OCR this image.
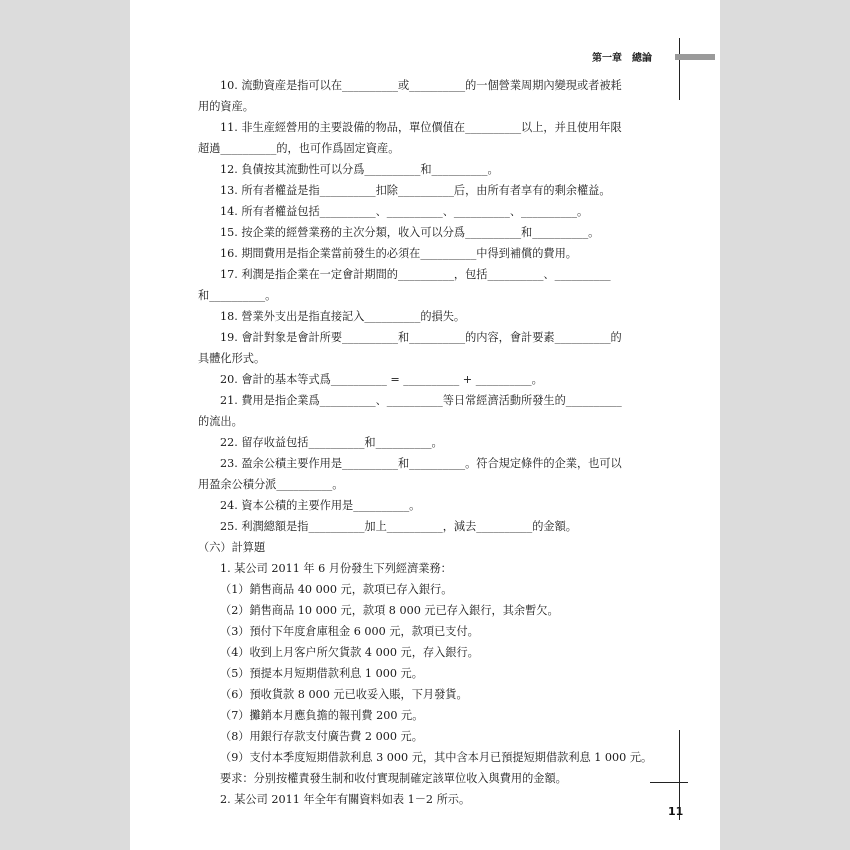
第一章　總論
11
10. 流動資産是指可以在__________或__________的一個營業周期內變現或者被耗
用的資産。
11. 非生産經營用的主要設備的物品，單位價值在__________以上，并且使用年限
超過__________的，也可作爲固定資産。
12. 負債按其流動性可以分爲__________和__________。
13. 所有者權益是指__________扣除__________后，由所有者享有的剩余權益。
14. 所有者權益包括__________、__________、__________、__________。
15. 按企業的經營業務的主次分類，收入可以分爲__________和__________。
16. 期間費用是指企業當前發生的必須在__________中得到補償的費用。
17. 利潤是指企業在一定會計期間的__________，包括__________、__________
和__________。
18. 營業外支出是指直接記入__________的損失。
19. 會計對象是會計所要__________和__________的内容，會計要素__________的
具體化形式。
20. 會計的基本等式爲__________ = __________ + __________。
21. 費用是指企業爲__________、__________等日常經濟活動所發生的__________
的流出。
22. 留存收益包括__________和__________。
23. 盈余公積主要作用是__________和__________。符合規定條件的企業，也可以
用盈余公積分派__________。
24. 資本公積的主要作用是__________。
25. 利潤總額是指__________加上__________，減去__________的金額。
（六）計算題
1. 某公司 2011 年 6 月份發生下列經濟業務：
（1）銷售商品 40 000 元，款項已存入銀行。
（2）銷售商品 10 000 元，款項 8 000 元已存入銀行，其余暫欠。
（3）預付下年度倉庫租金 6 000 元，款項已支付。
（4）收到上月客户所欠貨款 4 000 元，存入銀行。
（5）預提本月短期借款利息 1 000 元。
（6）預收貨款 8 000 元已收妥入賬，下月發貨。
（7）攤銷本月應負擔的報刊費 200 元。
（8）用銀行存款支付廣告費 2 000 元。
（9）支付本季度短期借款利息 3 000 元，其中含本月已預提短期借款利息 1 000 元。
要求：分别按權責發生制和收付實現制確定該單位收入與費用的金額。
2. 某公司 2011 年全年有關資料如表 1－2 所示。
